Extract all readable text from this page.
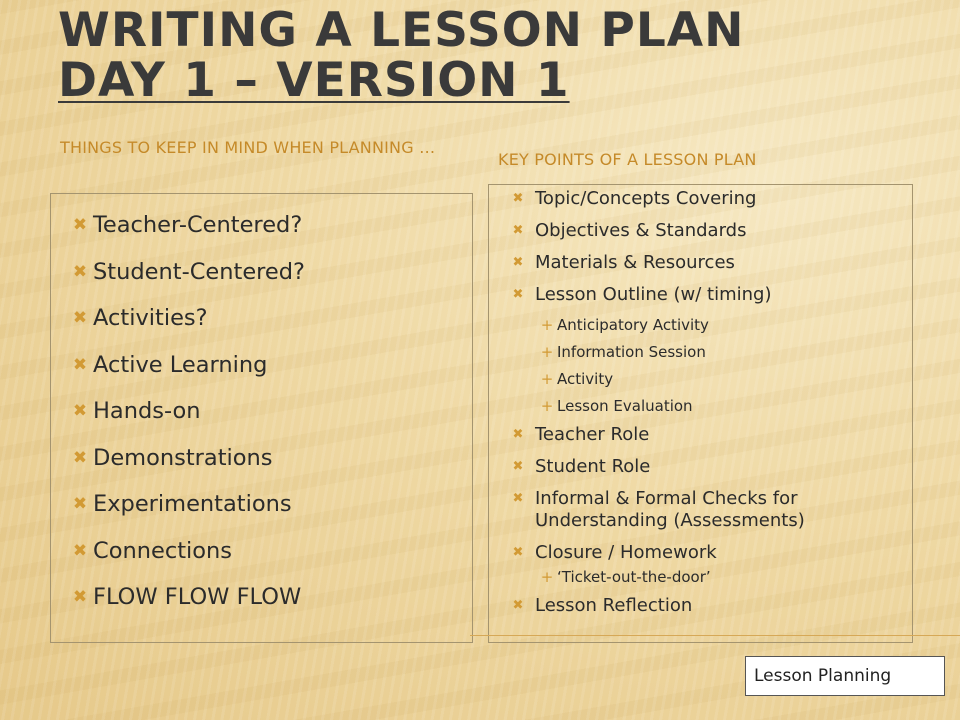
WRITING A LESSON PLAN
DAY 1 – VERSION 1
THINGS TO KEEP IN MIND WHEN PLANNING …
KEY POINTS OF A LESSON PLAN
✖ Teacher-Centered?
✖ Student-Centered?
✖ Activities?
✖ Active Learning
✖ Hands-on
✖ Demonstrations
✖ Experimentations
✖ Connections
✖ FLOW FLOW FLOW
✖ Topic/Concepts Covering
✖ Objectives & Standards
✖ Materials & Resources
✖ Lesson Outline (w/ timing)
+ Anticipatory Activity
+ Information Session
+ Activity
+ Lesson Evaluation
✖ Teacher Role
✖ Student Role
✖ Informal & Formal Checks for Understanding (Assessments)
✖ Closure / Homework
+ ‘Ticket-out-the-door’
✖ Lesson Reflection
Lesson Planning
